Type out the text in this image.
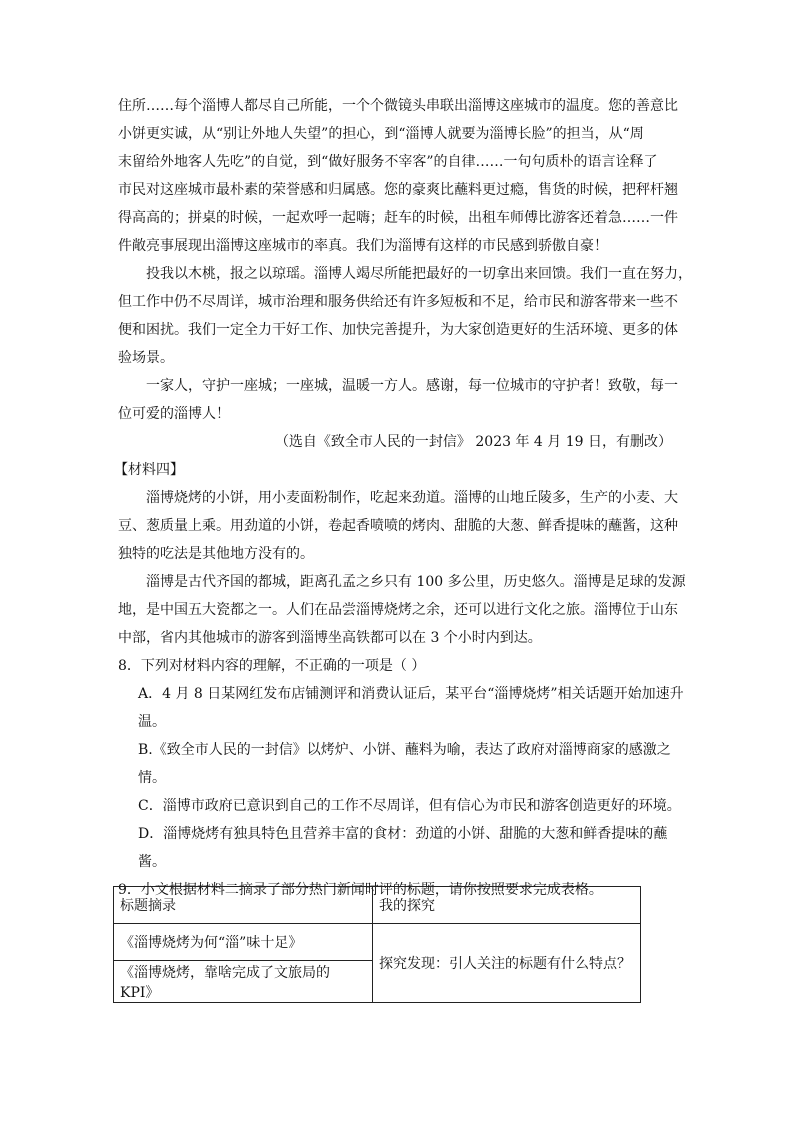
住所……每个淄博人都尽自己所能，一个个微镜头串联出淄博这座城市的温度。您的善意比

小饼更实诚，从“别让外地人失望”的担心，到“淄博人就要为淄博长脸”的担当，从“周

末留给外地客人先吃”的自觉，到“做好服务不宰客”的自律……一句句质朴的语言诠释了

市民对这座城市最朴素的荣誉感和归属感。您的豪爽比蘸料更过瘾，售货的时候，把秤杆翘

得高高的；拼桌的时候，一起欢呼一起嗨；赶车的时候，出租车师傅比游客还着急……一件

件敞亮事展现出淄博这座城市的率真。我们为淄博有这样的市民感到骄傲自豪！

投我以木桃，报之以琼瑶。淄博人竭尽所能把最好的一切拿出来回馈。我们一直在努力，

但工作中仍不尽周详，城市治理和服务供给还有许多短板和不足，给市民和游客带来一些不

便和困扰。我们一定全力干好工作、加快完善提升，为大家创造更好的生活环境、更多的体

验场景。

一家人，守护一座城；一座城，温暖一方人。感谢，每一位城市的守护者！致敬，每一

位可爱的淄博人！

（选自《致全市人民的一封信》 2023 年 4 月 19 日，有删改）

【材料四】

淄博烧烤的小饼，用小麦面粉制作，吃起来劲道。淄博的山地丘陵多，生产的小麦、大

豆、葱质量上乘。用劲道的小饼，卷起香喷喷的烤肉、甜脆的大葱、鲜香提味的蘸酱，这种

独特的吃法是其他地方没有的。

淄博是古代齐国的都城，距离孔孟之乡只有 100 多公里，历史悠久。淄博是足球的发源

地，是中国五大瓷都之一。人们在品尝淄博烧烤之余，还可以进行文化之旅。淄博位于山东

中部，省内其他城市的游客到淄博坐高铁都可以在 3 个小时内到达。

8．下列对材料内容的理解，不正确的一项是（ ）

A．4 月 8 日某网红发布店铺测评和消费认证后，某平台“淄博烧烤”相关话题开始加速升

温。

B.《致全市人民的一封信》以烤炉、小饼、蘸料为喻，表达了政府对淄博商家的感激之

情。

C．淄博市政府已意识到自己的工作不尽周详，但有信心为市民和游客创造更好的环境。

D．淄博烧烤有独具特色且营养丰富的食材：劲道的小饼、甜脆的大葱和鲜香提味的蘸

酱。

9．小文根据材料二摘录了部分热门新闻时评的标题，请你按照要求完成表格。

标题摘录	我的探究
《淄博烧烤为何“淄”味十足》	探究发现：引人关注的标题有什么特点？
《淄博烧烤，靠啥完成了文旅局的 KPI》	
